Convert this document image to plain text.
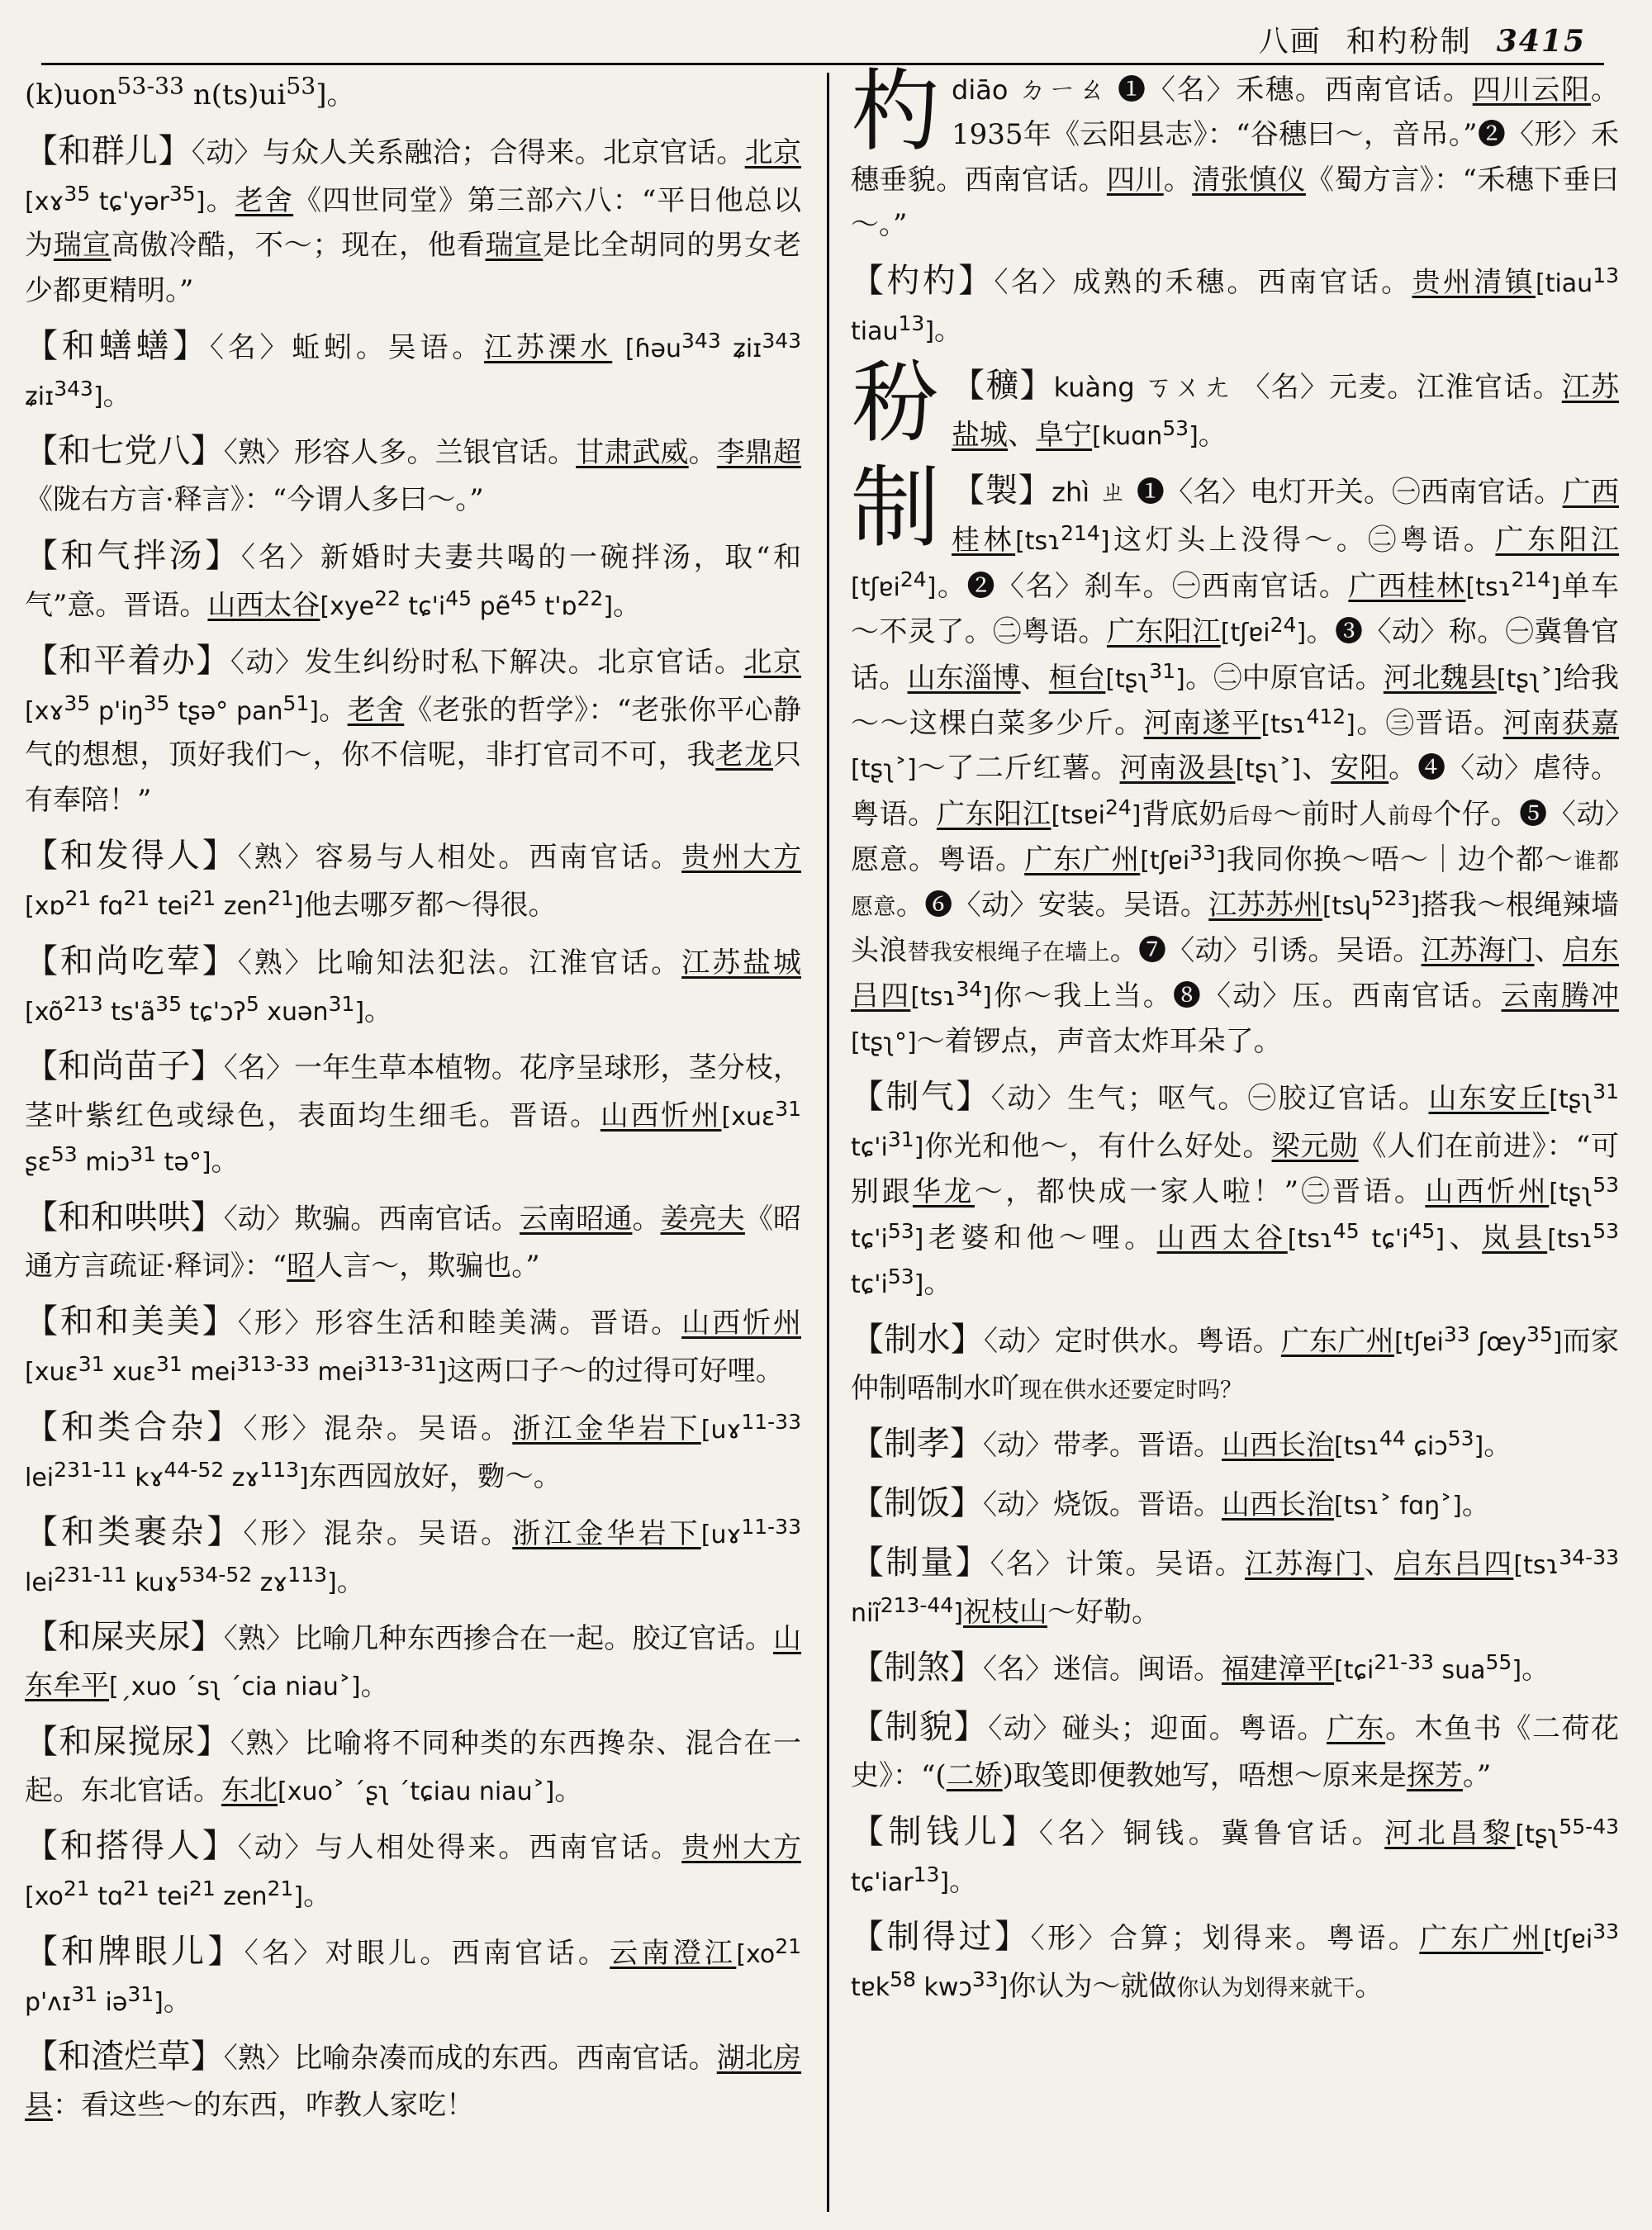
八画 和杓秎制 3415
(k)uon$^{53-33}$ $n(ts)ui^{53}$]。
【和群儿】〈动〉与众人关系融洽；合得来。北京官话。北京[xɤ$^{35}$ tɕ'yər$^{35}$]。老舍《四世同堂》第三部六八：“平日他总以为瑞宣高傲冷酷，不～；现在，他看瑞宣是比全胡同的男女老少都更精明。”
【和蟮蟮】〈名〉蚯蚓。吴语。江苏溧水 [ɦəu$^{343}$ ʑiɪ$^{343}$ ʑiɪ$^{343}$]。
【和七党八】〈熟〉形容人多。兰银官话。甘肃武威。李鼎超《陇右方言·释言》：“今谓人多曰～。”
【和气拌汤】〈名〉新婚时夫妻共喝的一碗拌汤，取“和气”意。晋语。山西太谷[xye$^{22}$ $tɕ'i^{45}$ pẽ$^{45}$ t'ɒ$^{22}$]。
【和平着办】〈动〉发生纠纷时私下解决。北京官话。北京[xɤ$^{35}$ $p'iŋ^{35}$ tʂə° pan$^{51}$]。老舍《老张的哲学》：“老张你平心静气的想想，顶好我们～，你不信呢，非打官司不可，我老龙只有奉陪！”
【和发得人】〈熟〉容易与人相处。西南官话。贵州大方[xɒ$^{21}$ fɑ$^{21}$ tei$^{21}$ zen$^{21}$]他去哪歹都～得很。
【和尚吃荤】〈熟〉比喻知法犯法。江淮官话。江苏盐城[$xõ^{213}$ $ts'ã^{35}$ tɕ'ɔʔ$^5$ xuən$^{31}$]。
【和尚苗子】〈名〉一年生草本植物。花序呈球形，茎分枝，茎叶紫红色或绿色，表面均生细毛。晋语。山西忻州[xuɛ$^{31}$ ʂɛ$^{53}$ miɔ$^{31}$ tə°]。
【和和哄哄】〈动〉欺骗。西南官话。云南昭通。姜亮夫《昭通方言疏证·释词》：“昭人言～，欺骗也。”
【和和美美】〈形〉形容生活和睦美满。晋语。山西忻州[xuɛ$^{31}$ xuɛ$^{31}$ mei$^{313-33}$ mei$^{313-31}$]这两口子～的过得可好哩。
【和类合杂】〈形〉混杂。吴语。浙江金华岩下[uɤ$^{11-33}$ lei$^{231-11}$ kɤ$^{44-52}$ zɤ$^{113}$]东西囥放好，覅～。
【和类裹杂】〈形〉混杂。吴语。浙江金华岩下[uɤ$^{11-33}$ lei$^{231-11}$ kuɤ$^{534-52}$ zɤ$^{113}$]。
【和屎夹尿】〈熟〉比喻几种东西掺合在一起。胶辽官话。山东牟平[ˏxuo ˊsʅ ˊcia niau˃]。
【和屎搅尿】〈熟〉比喻将不同种类的东西搀杂、混合在一起。东北官话。东北[xuo˃ ˊʂʅ ˊtɕiau niau˃]。
【和搭得人】〈动〉与人相处得来。西南官话。贵州大方[$xo^{21}$ tɑ$^{21}$ tei$^{21}$ zen$^{21}$]。
【和牌眼儿】〈名〉对眼儿。西南官话。云南澄江[$xo^{21}$ p'ʌɪ$^{31}$ iə$^{31}$]。
【和渣烂草】〈熟〉比喻杂凑而成的东西。西南官话。湖北房县：看这些～的东西，咋教人家吃！
杓diāo ㄉㄧㄠ ❶〈名〉禾穗。西南官话。四川云阳。1935年《云阳县志》：“谷穗曰～，音吊。”❷〈形〉禾穗垂貌。西南官话。四川。清张慎仪《蜀方言》：“禾穗下垂曰～。”
【杓杓】〈名〉成熟的禾穗。西南官话。贵州清镇[tiau$^{13}$ tiau$^{13}$]。
秎 【穬】kuàng ㄎㄨㄤ 〈名〉元麦。江淮官话。江苏盐城、阜宁[kuɑn$^{53}$]。
制 【製】zhì ㄓ ❶〈名〉电灯开关。㊀西南官话。广西桂林[tsɿ$^{214}$]这灯头上没得～。㊁粤语。广东阳江[tʃɐi$^{24}$]。❷〈名〉刹车。㊀西南官话。广西桂林[tsɿ$^{214}$]单车～不灵了。㊁粤语。广东阳江[tʃɐi$^{24}$]。❸〈动〉称。㊀冀鲁官话。山东淄博、桓台[tʂʅ$^{31}$]。㊁中原官话。河北魏县[tʂʅ˃]给我～～这棵白菜多少斤。河南遂平[tsɿ$^{412}$]。㊂晋语。河南获嘉[tʂʅ˃]～了二斤红薯。河南汲县[tʂʅ˃]、安阳。❹〈动〉虐待。粤语。广东阳江[tsɐi$^{24}$]背底奶后母～前时人前母个仔。❺〈动〉愿意。粤语。广东广州[tʃɐi$^{33}$]我同你换～唔～｜边个都～谁都愿意。❻〈动〉安装。吴语。江苏苏州[tsʮ$^{523}$]搭我～根绳辣墙头浪替我安根绳子在墙上。❼〈动〉引诱。吴语。江苏海门、启东吕四[tsɿ$^{34}$]你～我上当。❽〈动〉压。西南官话。云南腾冲[tʂʅ°]～着锣点，声音太炸耳朵了。
【制气】〈动〉生气；呕气。㊀胶辽官话。山东安丘[tʂʅ$^{31}$ $tɕ'i^{31}$]你光和他～，有什么好处。梁元勋《人们在前进》：“可别跟华龙～，都快成一家人啦！”㊁晋语。山西忻州[tʂʅ$^{53}$ $tɕ'i^{53}$]老婆和他～哩。山西太谷[tsɿ$^{45}$ $tɕ'i^{45}$]、岚县[tsɿ$^{53}$ $tɕ'i^{53}$]。
【制水】〈动〉定时供水。粤语。广东广州[tʃɐi$^{33}$ ʃœy$^{35}$]而家仲制唔制水吖现在供水还要定时吗？
【制孝】〈动〉带孝。晋语。山西长治[tsɿ$^{44}$ ɕiɔ$^{53}$]。
【制饭】〈动〉烧饭。晋语。山西长治[tsɿ˃ fɑŋ˃]。
【制量】〈名〉计策。吴语。江苏海门、启东吕四[tsɿ$^{34-33}$ niĩ$^{213-44}$]祝枝山～好勒。
【制煞】〈名〉迷信。闽语。福建漳平[tɕi$^{21-33}$ sua$^{55}$]。
【制貌】〈动〉碰头；迎面。粤语。广东。木鱼书《二荷花史》：“(二娇)取笺即便教她写，唔想～原来是探芳。”
【制钱儿】〈名〉铜钱。冀鲁官话。河北昌黎[tʂʅ$^{55-43}$ tɕ'iar$^{13}$]。
【制得过】〈形〉合算；划得来。粤语。广东广州[tʃɐi$^{33}$ tɐk$^{58}$ kwɔ$^{33}$]你认为～就做你认为划得来就干。
